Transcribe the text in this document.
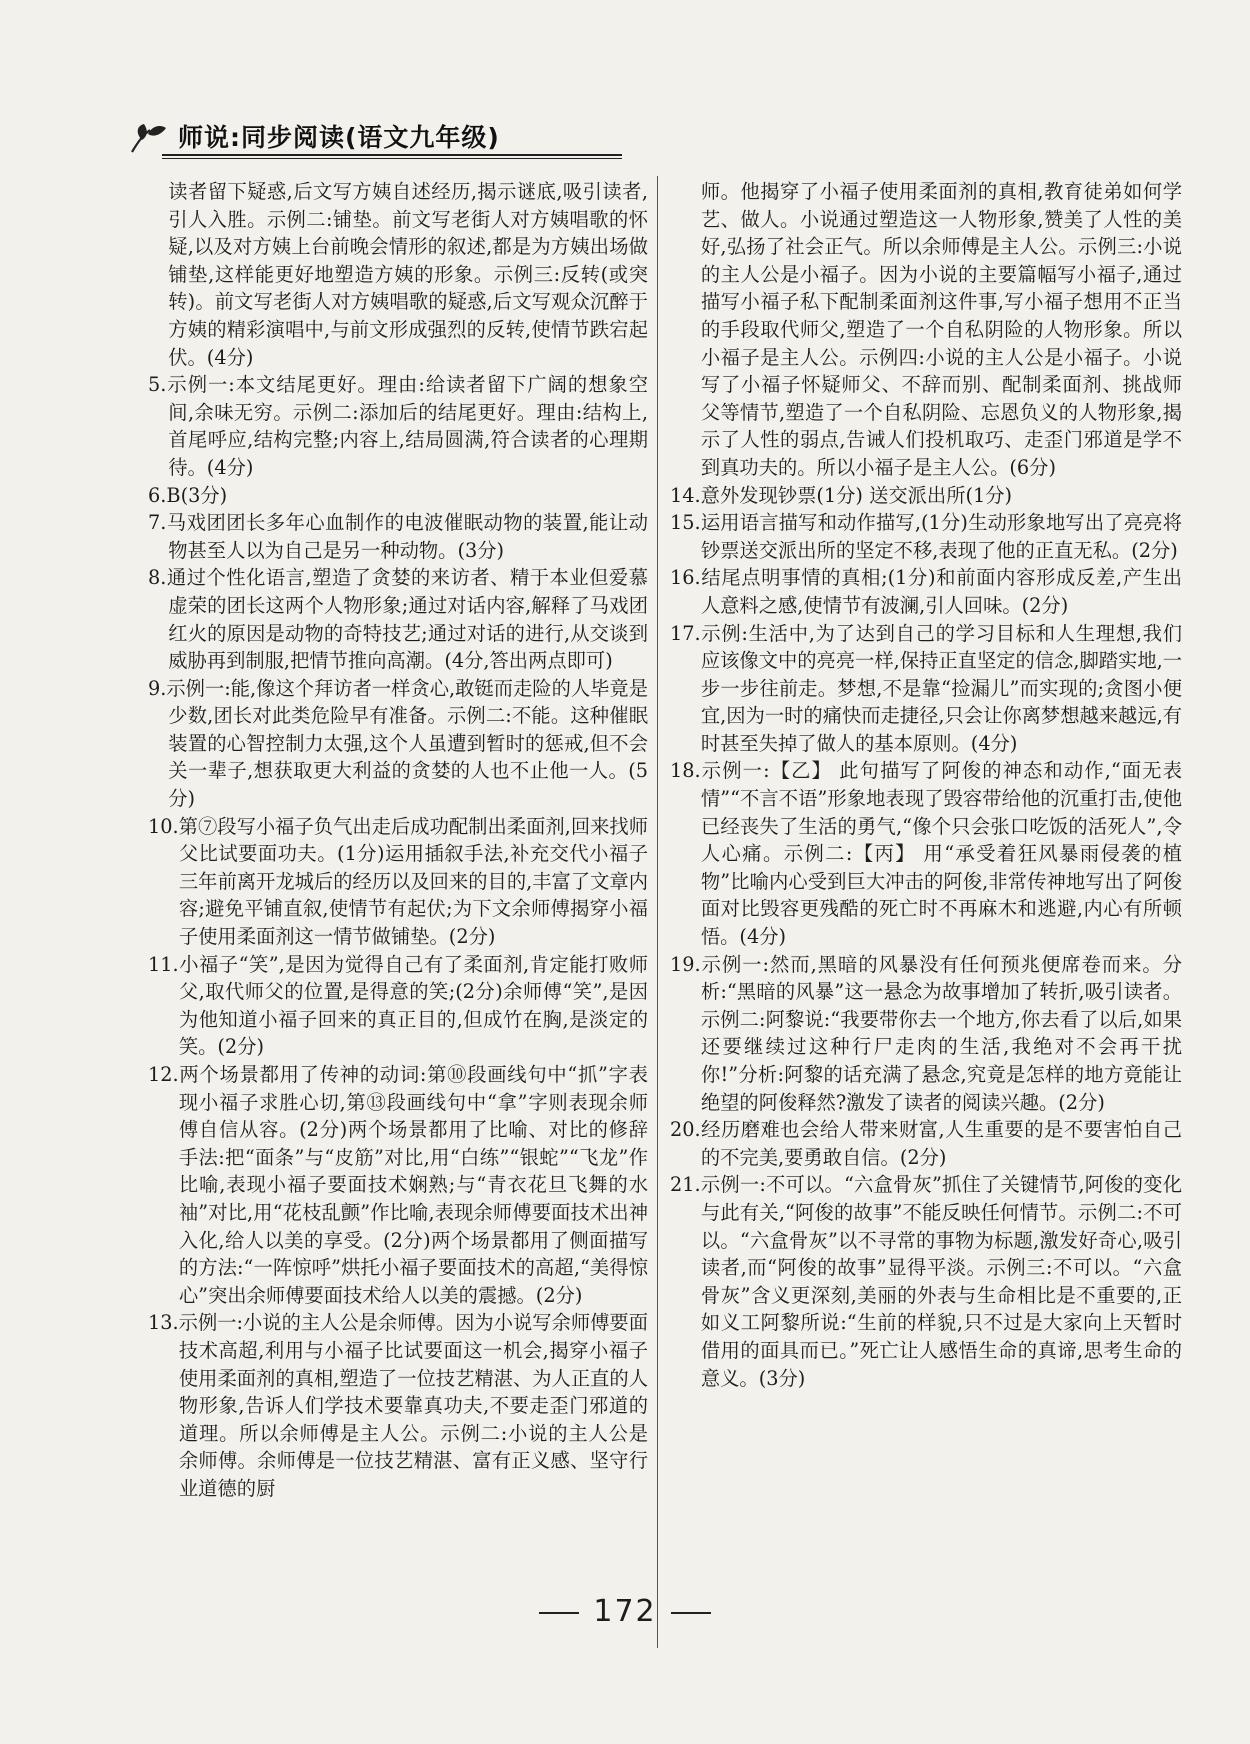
师说:同步阅读(语文九年级)

读者留下疑惑,后文写方姨自述经历,揭示谜底,吸引读者,引人入胜。示例二:铺垫。前文写老街人对方姨唱歌的怀疑,以及对方姨上台前晚会情形的叙述,都是为方姨出场做铺垫,这样能更好地塑造方姨的形象。示例三:反转(或突转)。前文写老街人对方姨唱歌的疑惑,后文写观众沉醉于方姨的精彩演唱中,与前文形成强烈的反转,使情节跌宕起伏。(4分)

5.示例一:本文结尾更好。理由:给读者留下广阔的想象空间,余味无穷。示例二:添加后的结尾更好。理由:结构上,首尾呼应,结构完整;内容上,结局圆满,符合读者的心理期待。(4分)

6.B(3分)

7.马戏团团长多年心血制作的电波催眠动物的装置,能让动物甚至人以为自己是另一种动物。(3分)

8.通过个性化语言,塑造了贪婪的来访者、精于本业但爱慕虚荣的团长这两个人物形象;通过对话内容,解释了马戏团红火的原因是动物的奇特技艺;通过对话的进行,从交谈到威胁再到制服,把情节推向高潮。(4分,答出两点即可)

9.示例一:能,像这个拜访者一样贪心,敢铤而走险的人毕竟是少数,团长对此类危险早有准备。示例二:不能。这种催眠装置的心智控制力太强,这个人虽遭到暂时的惩戒,但不会关一辈子,想获取更大利益的贪婪的人也不止他一人。(5分)

10.第⑦段写小福子负气出走后成功配制出柔面剂,回来找师父比试要面功夫。(1分)运用插叙手法,补充交代小福子三年前离开龙城后的经历以及回来的目的,丰富了文章内容;避免平铺直叙,使情节有起伏;为下文余师傅揭穿小福子使用柔面剂这一情节做铺垫。(2分)

11.小福子“笑”,是因为觉得自己有了柔面剂,肯定能打败师父,取代师父的位置,是得意的笑;(2分)余师傅“笑”,是因为他知道小福子回来的真正目的,但成竹在胸,是淡定的笑。(2分)

12.两个场景都用了传神的动词:第⑩段画线句中“抓”字表现小福子求胜心切,第⑬段画线句中“拿”字则表现余师傅自信从容。(2分)两个场景都用了比喻、对比的修辞手法:把“面条”与“皮筋”对比,用“白练”“银蛇”“飞龙”作比喻,表现小福子要面技术娴熟;与“青衣花旦飞舞的水袖”对比,用“花枝乱颤”作比喻,表现余师傅要面技术出神入化,给人以美的享受。(2分)两个场景都用了侧面描写的方法:“一阵惊呼”烘托小福子要面技术的高超,“美得惊心”突出余师傅要面技术给人以美的震撼。(2分)

13.示例一:小说的主人公是余师傅。因为小说写余师傅要面技术高超,利用与小福子比试要面这一机会,揭穿小福子使用柔面剂的真相,塑造了一位技艺精湛、为人正直的人物形象,告诉人们学技术要靠真功夫,不要走歪门邪道的道理。所以余师傅是主人公。示例二:小说的主人公是余师傅。余师傅是一位技艺精湛、富有正义感、坚守行业道德的厨

师。他揭穿了小福子使用柔面剂的真相,教育徒弟如何学艺、做人。小说通过塑造这一人物形象,赞美了人性的美好,弘扬了社会正气。所以余师傅是主人公。示例三:小说的主人公是小福子。因为小说的主要篇幅写小福子,通过描写小福子私下配制柔面剂这件事,写小福子想用不正当的手段取代师父,塑造了一个自私阴险的人物形象。所以小福子是主人公。示例四:小说的主人公是小福子。小说写了小福子怀疑师父、不辞而别、配制柔面剂、挑战师父等情节,塑造了一个自私阴险、忘恩负义的人物形象,揭示了人性的弱点,告诫人们投机取巧、走歪门邪道是学不到真功夫的。所以小福子是主人公。(6分)

14.意外发现钞票(1分) 送交派出所(1分)

15.运用语言描写和动作描写,(1分)生动形象地写出了亮亮将钞票送交派出所的坚定不移,表现了他的正直无私。(2分)

16.结尾点明事情的真相;(1分)和前面内容形成反差,产生出人意料之感,使情节有波澜,引人回味。(2分)

17.示例:生活中,为了达到自己的学习目标和人生理想,我们应该像文中的亮亮一样,保持正直坚定的信念,脚踏实地,一步一步往前走。梦想,不是靠“捡漏儿”而实现的;贪图小便宜,因为一时的痛快而走捷径,只会让你离梦想越来越远,有时甚至失掉了做人的基本原则。(4分)

18.示例一:【乙】 此句描写了阿俊的神态和动作,“面无表情”“不言不语”形象地表现了毁容带给他的沉重打击,使他已经丧失了生活的勇气,“像个只会张口吃饭的活死人”,令人心痛。示例二:【丙】 用“承受着狂风暴雨侵袭的植物”比喻内心受到巨大冲击的阿俊,非常传神地写出了阿俊面对比毁容更残酷的死亡时不再麻木和逃避,内心有所顿悟。(4分)

19.示例一:然而,黑暗的风暴没有任何预兆便席卷而来。分析:“黑暗的风暴”这一悬念为故事增加了转折,吸引读者。示例二:阿黎说:“我要带你去一个地方,你去看了以后,如果还要继续过这种行尸走肉的生活,我绝对不会再干扰你!”分析:阿黎的话充满了悬念,究竟是怎样的地方竟能让绝望的阿俊释然?激发了读者的阅读兴趣。(2分)

20.经历磨难也会给人带来财富,人生重要的是不要害怕自己的不完美,要勇敢自信。(2分)

21.示例一:不可以。“六盒骨灰”抓住了关键情节,阿俊的变化与此有关,“阿俊的故事”不能反映任何情节。示例二:不可以。“六盒骨灰”以不寻常的事物为标题,激发好奇心,吸引读者,而“阿俊的故事”显得平淡。示例三:不可以。“六盒骨灰”含义更深刻,美丽的外表与生命相比是不重要的,正如义工阿黎所说:“生前的样貌,只不过是大家向上天暂时借用的面具而已。”死亡让人感悟生命的真谛,思考生命的意义。(3分)

172
